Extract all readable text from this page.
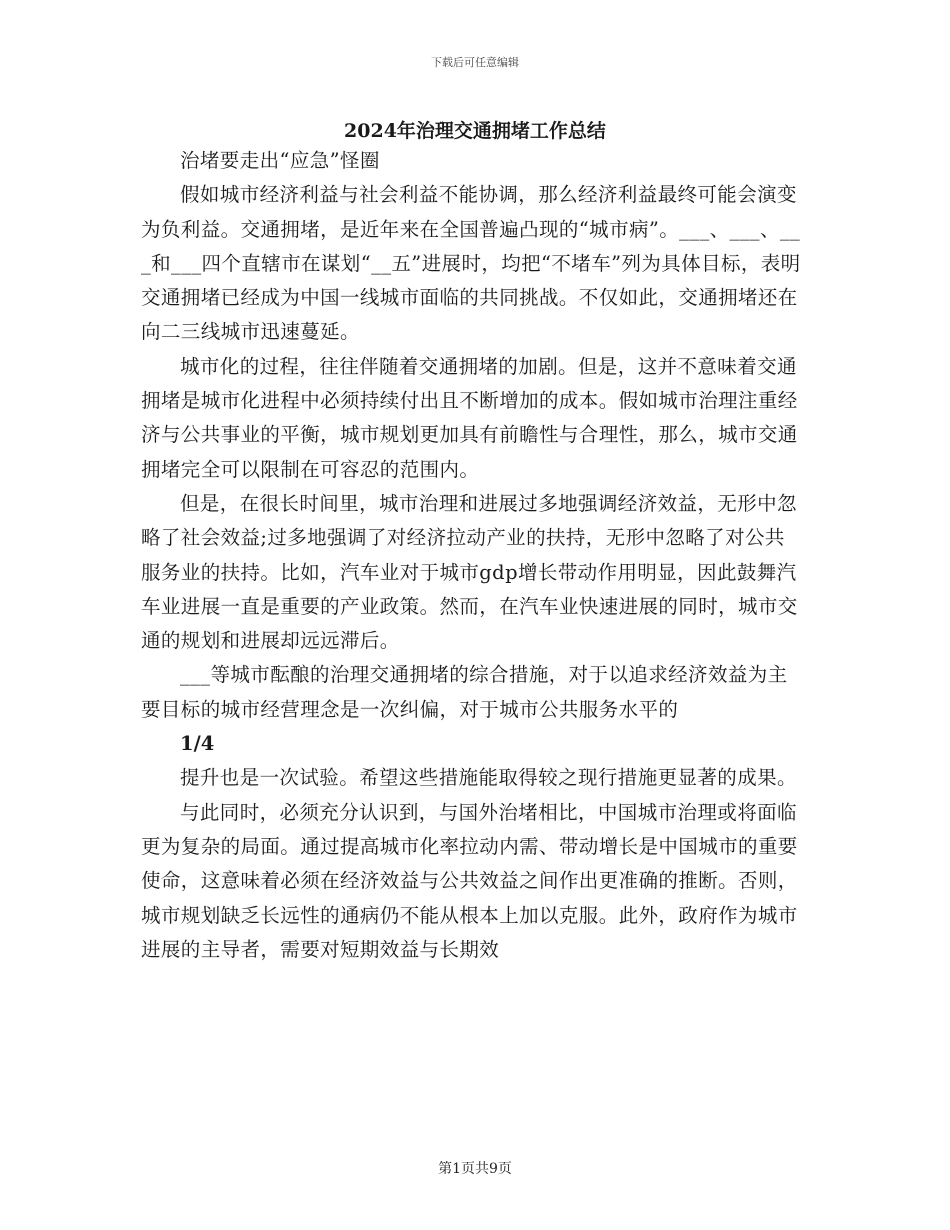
下载后可任意编辑
2024年治理交通拥堵工作总结

治堵要走出“应急”怪圈

假如城市经济利益与社会利益不能协调，那么经济利益最终可能会演变为负利益。交通拥堵，是近年来在全国普遍凸现的“城市病”。___、___、___和___四个直辖市在谋划“__五”进展时，均把“不堵车”列为具体目标，表明交通拥堵已经成为中国一线城市面临的共同挑战。不仅如此，交通拥堵还在向二三线城市迅速蔓延。

城市化的过程，往往伴随着交通拥堵的加剧。但是，这并不意味着交通拥堵是城市化进程中必须持续付出且不断增加的成本。假如城市治理注重经济与公共事业的平衡，城市规划更加具有前瞻性与合理性，那么，城市交通拥堵完全可以限制在可容忍的范围内。

但是，在很长时间里，城市治理和进展过多地强调经济效益，无形中忽略了社会效益;过多地强调了对经济拉动产业的扶持，无形中忽略了对公共服务业的扶持。比如，汽车业对于城市gdp增长带动作用明显，因此鼓舞汽车业进展一直是重要的产业政策。然而，在汽车业快速进展的同时，城市交通的规划和进展却远远滞后。

___等城市酝酿的治理交通拥堵的综合措施，对于以追求经济效益为主要目标的城市经营理念是一次纠偏，对于城市公共服务水平的

1/4

提升也是一次试验。希望这些措施能取得较之现行措施更显著的成果。

与此同时，必须充分认识到，与国外治堵相比，中国城市治理或将面临更为复杂的局面。通过提高城市化率拉动内需、带动增长是中国城市的重要使命，这意味着必须在经济效益与公共效益之间作出更准确的推断。否则，城市规划缺乏长远性的通病仍不能从根本上加以克服。此外，政府作为城市进展的主导者，需要对短期效益与长期效

第1页共9页
